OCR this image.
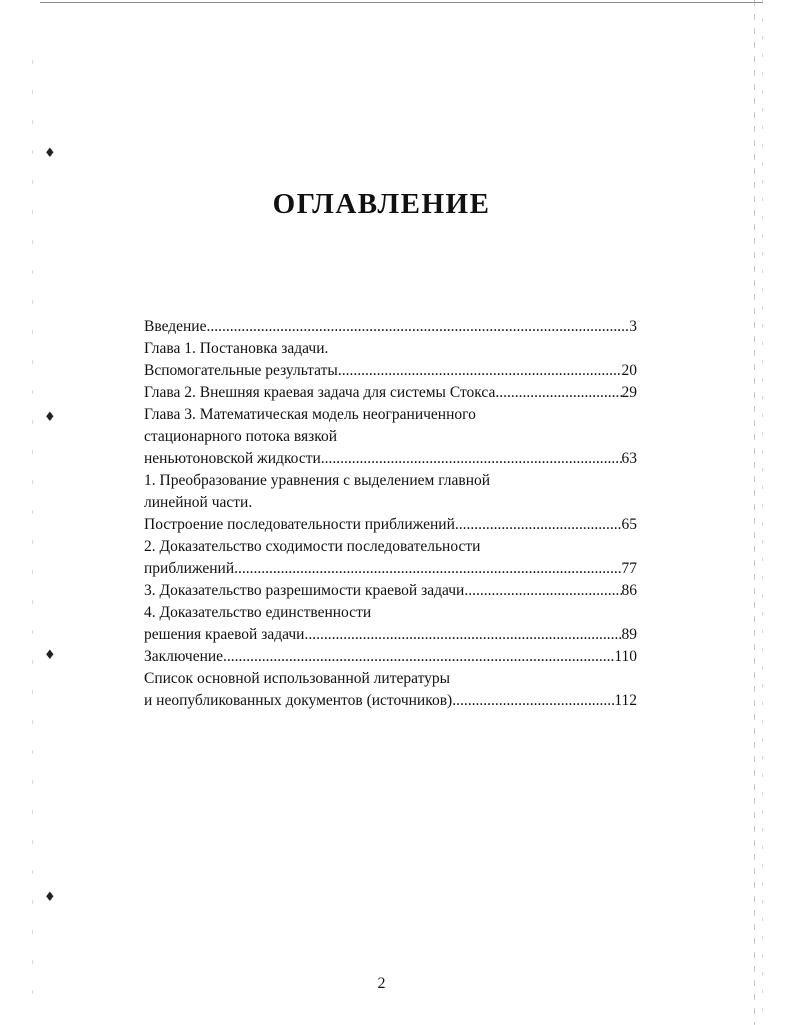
♦
♦
♦
♦
ОГЛАВЛЕНИЕ
Введение .....	3
Глава 1. Постановка задачи.
Вспомогательные результаты .....	20
Глава 2. Внешняя краевая задача для системы Стокса .....	29
Глава 3. Математическая модель неограниченного
стационарного потока вязкой
неньютоновской жидкости .....	63
1. Преобразование уравнения с выделением главной
линейной части.
Построение последовательности приближений .....	65
2. Доказательство сходимости последовательности
приближений .....	77
3. Доказательство разрешимости краевой задачи .....	86
4. Доказательство единственности
решения краевой задачи .....	89
Заключение .....	110
Список основной использованной литературы
и неопубликованных документов (источников) .....	112
2
